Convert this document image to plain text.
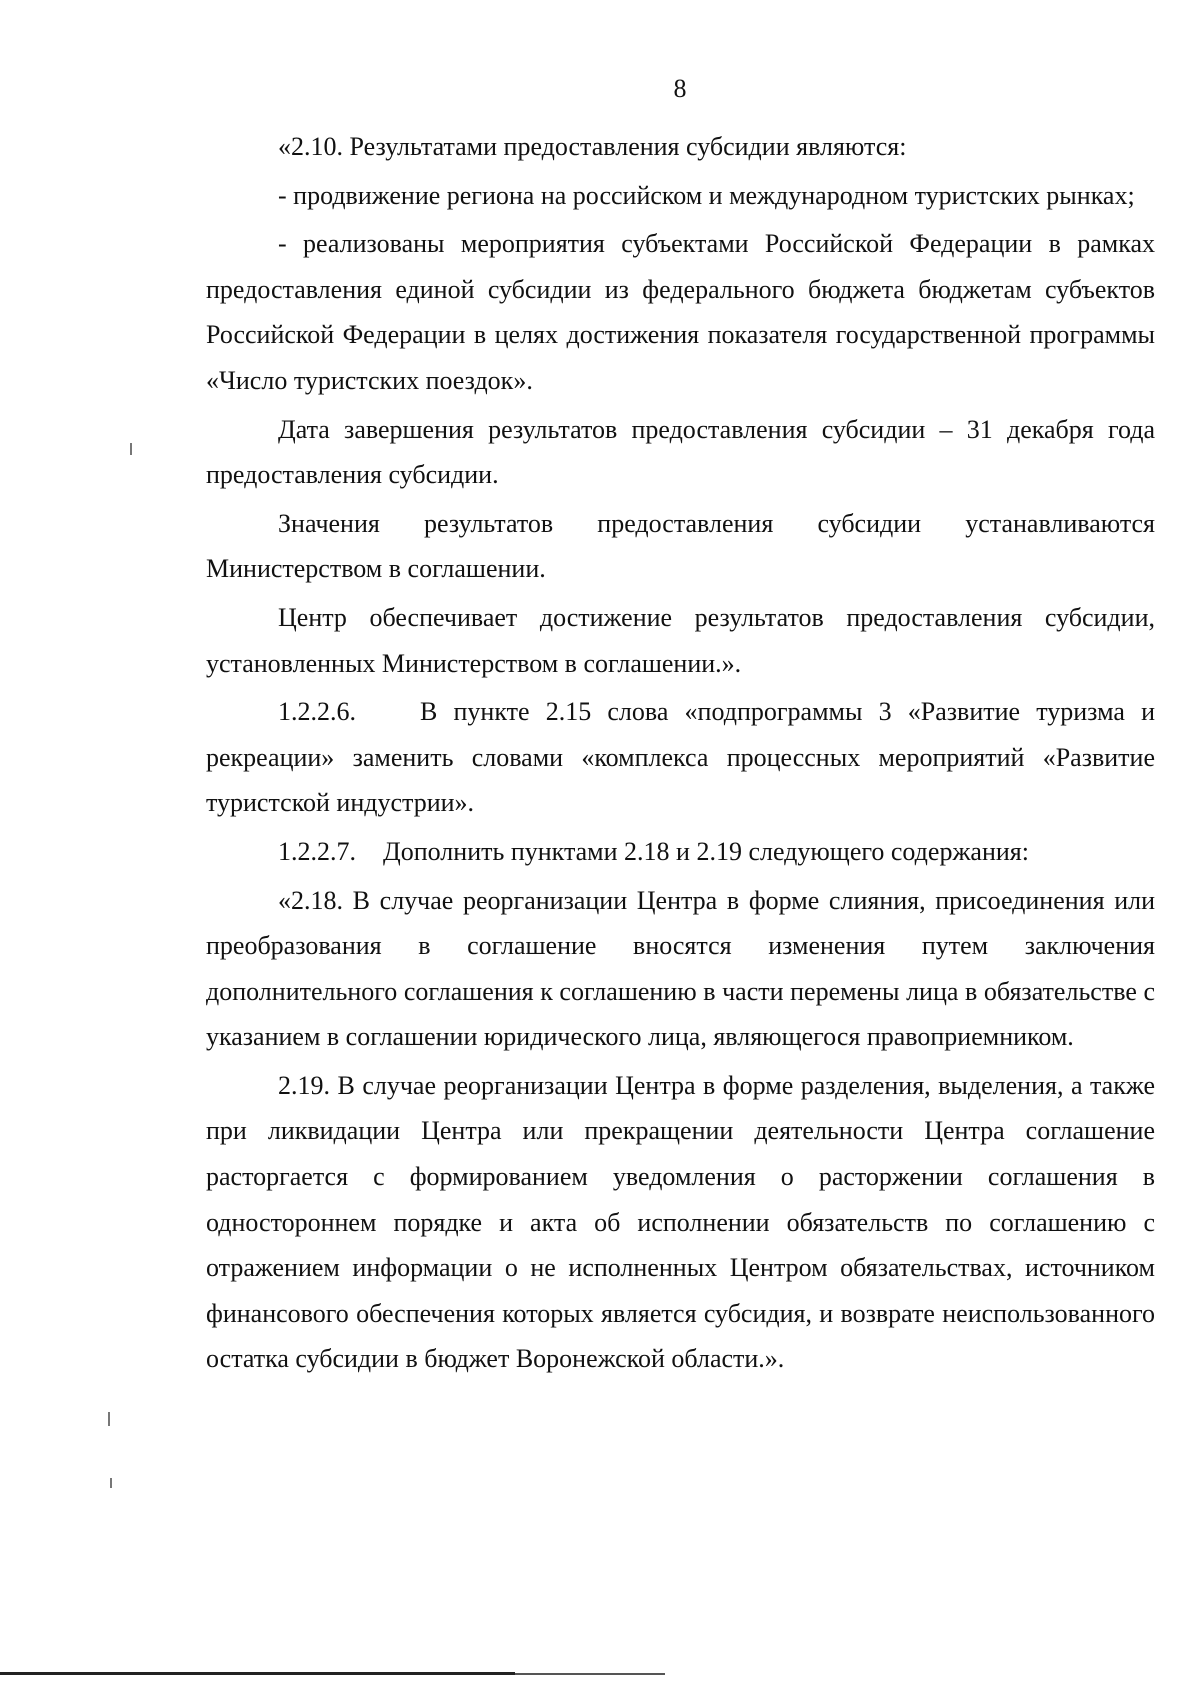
8

«2.10. Результатами предоставления субсидии являются:

- продвижение региона на российском и международном туристских рынках;

- реализованы мероприятия субъектами Российской Федерации в рамках предоставления единой субсидии из федерального бюджета бюджетам субъектов Российской Федерации в целях достижения показателя государственной программы «Число туристских поездок».

Дата завершения результатов предоставления субсидии – 31 декабря года предоставления субсидии.

Значения результатов предоставления субсидии устанавливаются Министерством в соглашении.

Центр обеспечивает достижение результатов предоставления субсидии, установленных Министерством в соглашении.».

1.2.2.6. В пункте 2.15 слова «подпрограммы 3 «Развитие туризма и рекреации» заменить словами «комплекса процессных мероприятий «Развитие туристской индустрии».

1.2.2.7. Дополнить пунктами 2.18 и 2.19 следующего содержания:

«2.18. В случае реорганизации Центра в форме слияния, присоединения или преобразования в соглашение вносятся изменения путем заключения дополнительного соглашения к соглашению в части перемены лица в обязательстве с указанием в соглашении юридического лица, являющегося правоприемником.

2.19. В случае реорганизации Центра в форме разделения, выделения, а также при ликвидации Центра или прекращении деятельности Центра соглашение расторгается с формированием уведомления о расторжении соглашения в одностороннем порядке и акта об исполнении обязательств по соглашению с отражением информации о не исполненных Центром обязательствах, источником финансового обеспечения которых является субсидия, и возврате неиспользованного остатка субсидии в бюджет Воронежской области.».
